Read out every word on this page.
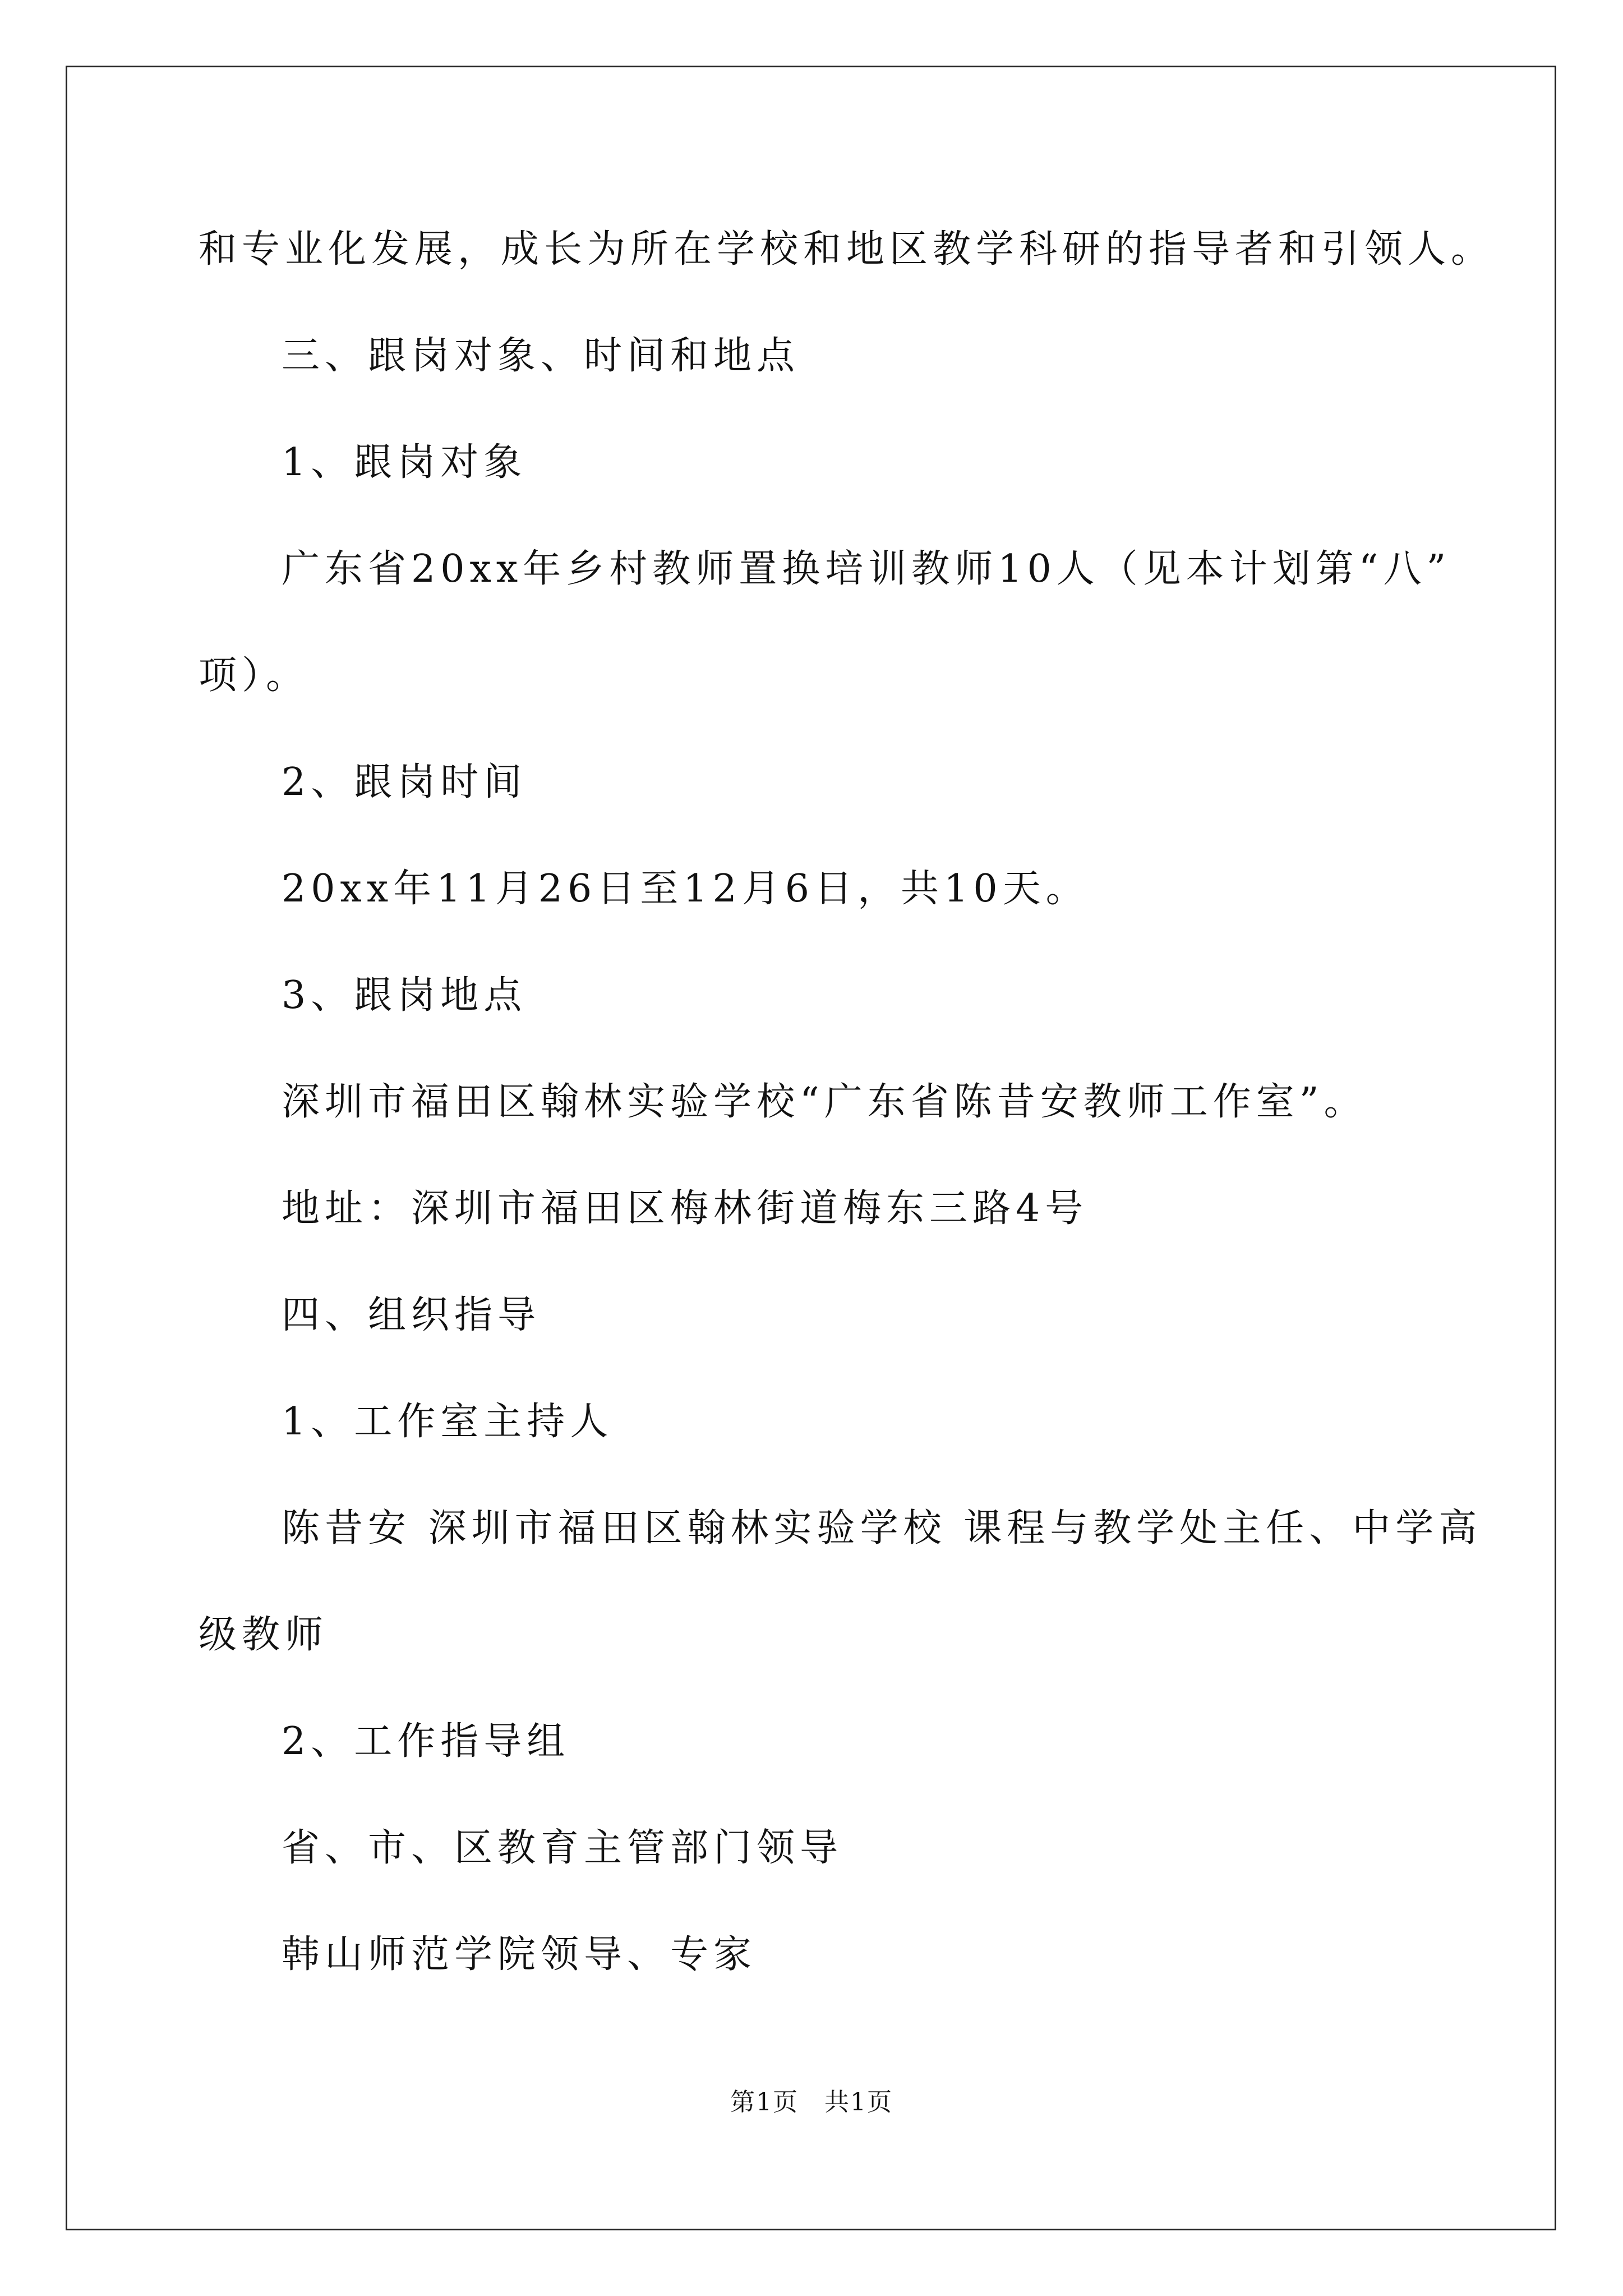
和专业化发展，成长为所在学校和地区教学科研的指导者和引领人。
三、跟岗对象、时间和地点
1、跟岗对象
广东省20xx年乡村教师置换培训教师10人（见本计划第“八”
项）。
2、跟岗时间
20xx年11月26日至12月6日，共10天。
3、跟岗地点
深圳市福田区翰林实验学校“广东省陈昔安教师工作室”。
地址：深圳市福田区梅林街道梅东三路4号
四、组织指导
1、工作室主持人
陈昔安 深圳市福田区翰林实验学校 课程与教学处主任、中学高
级教师
2、工作指导组
省、市、区教育主管部门领导
韩山师范学院领导、专家
第1页　共1页
